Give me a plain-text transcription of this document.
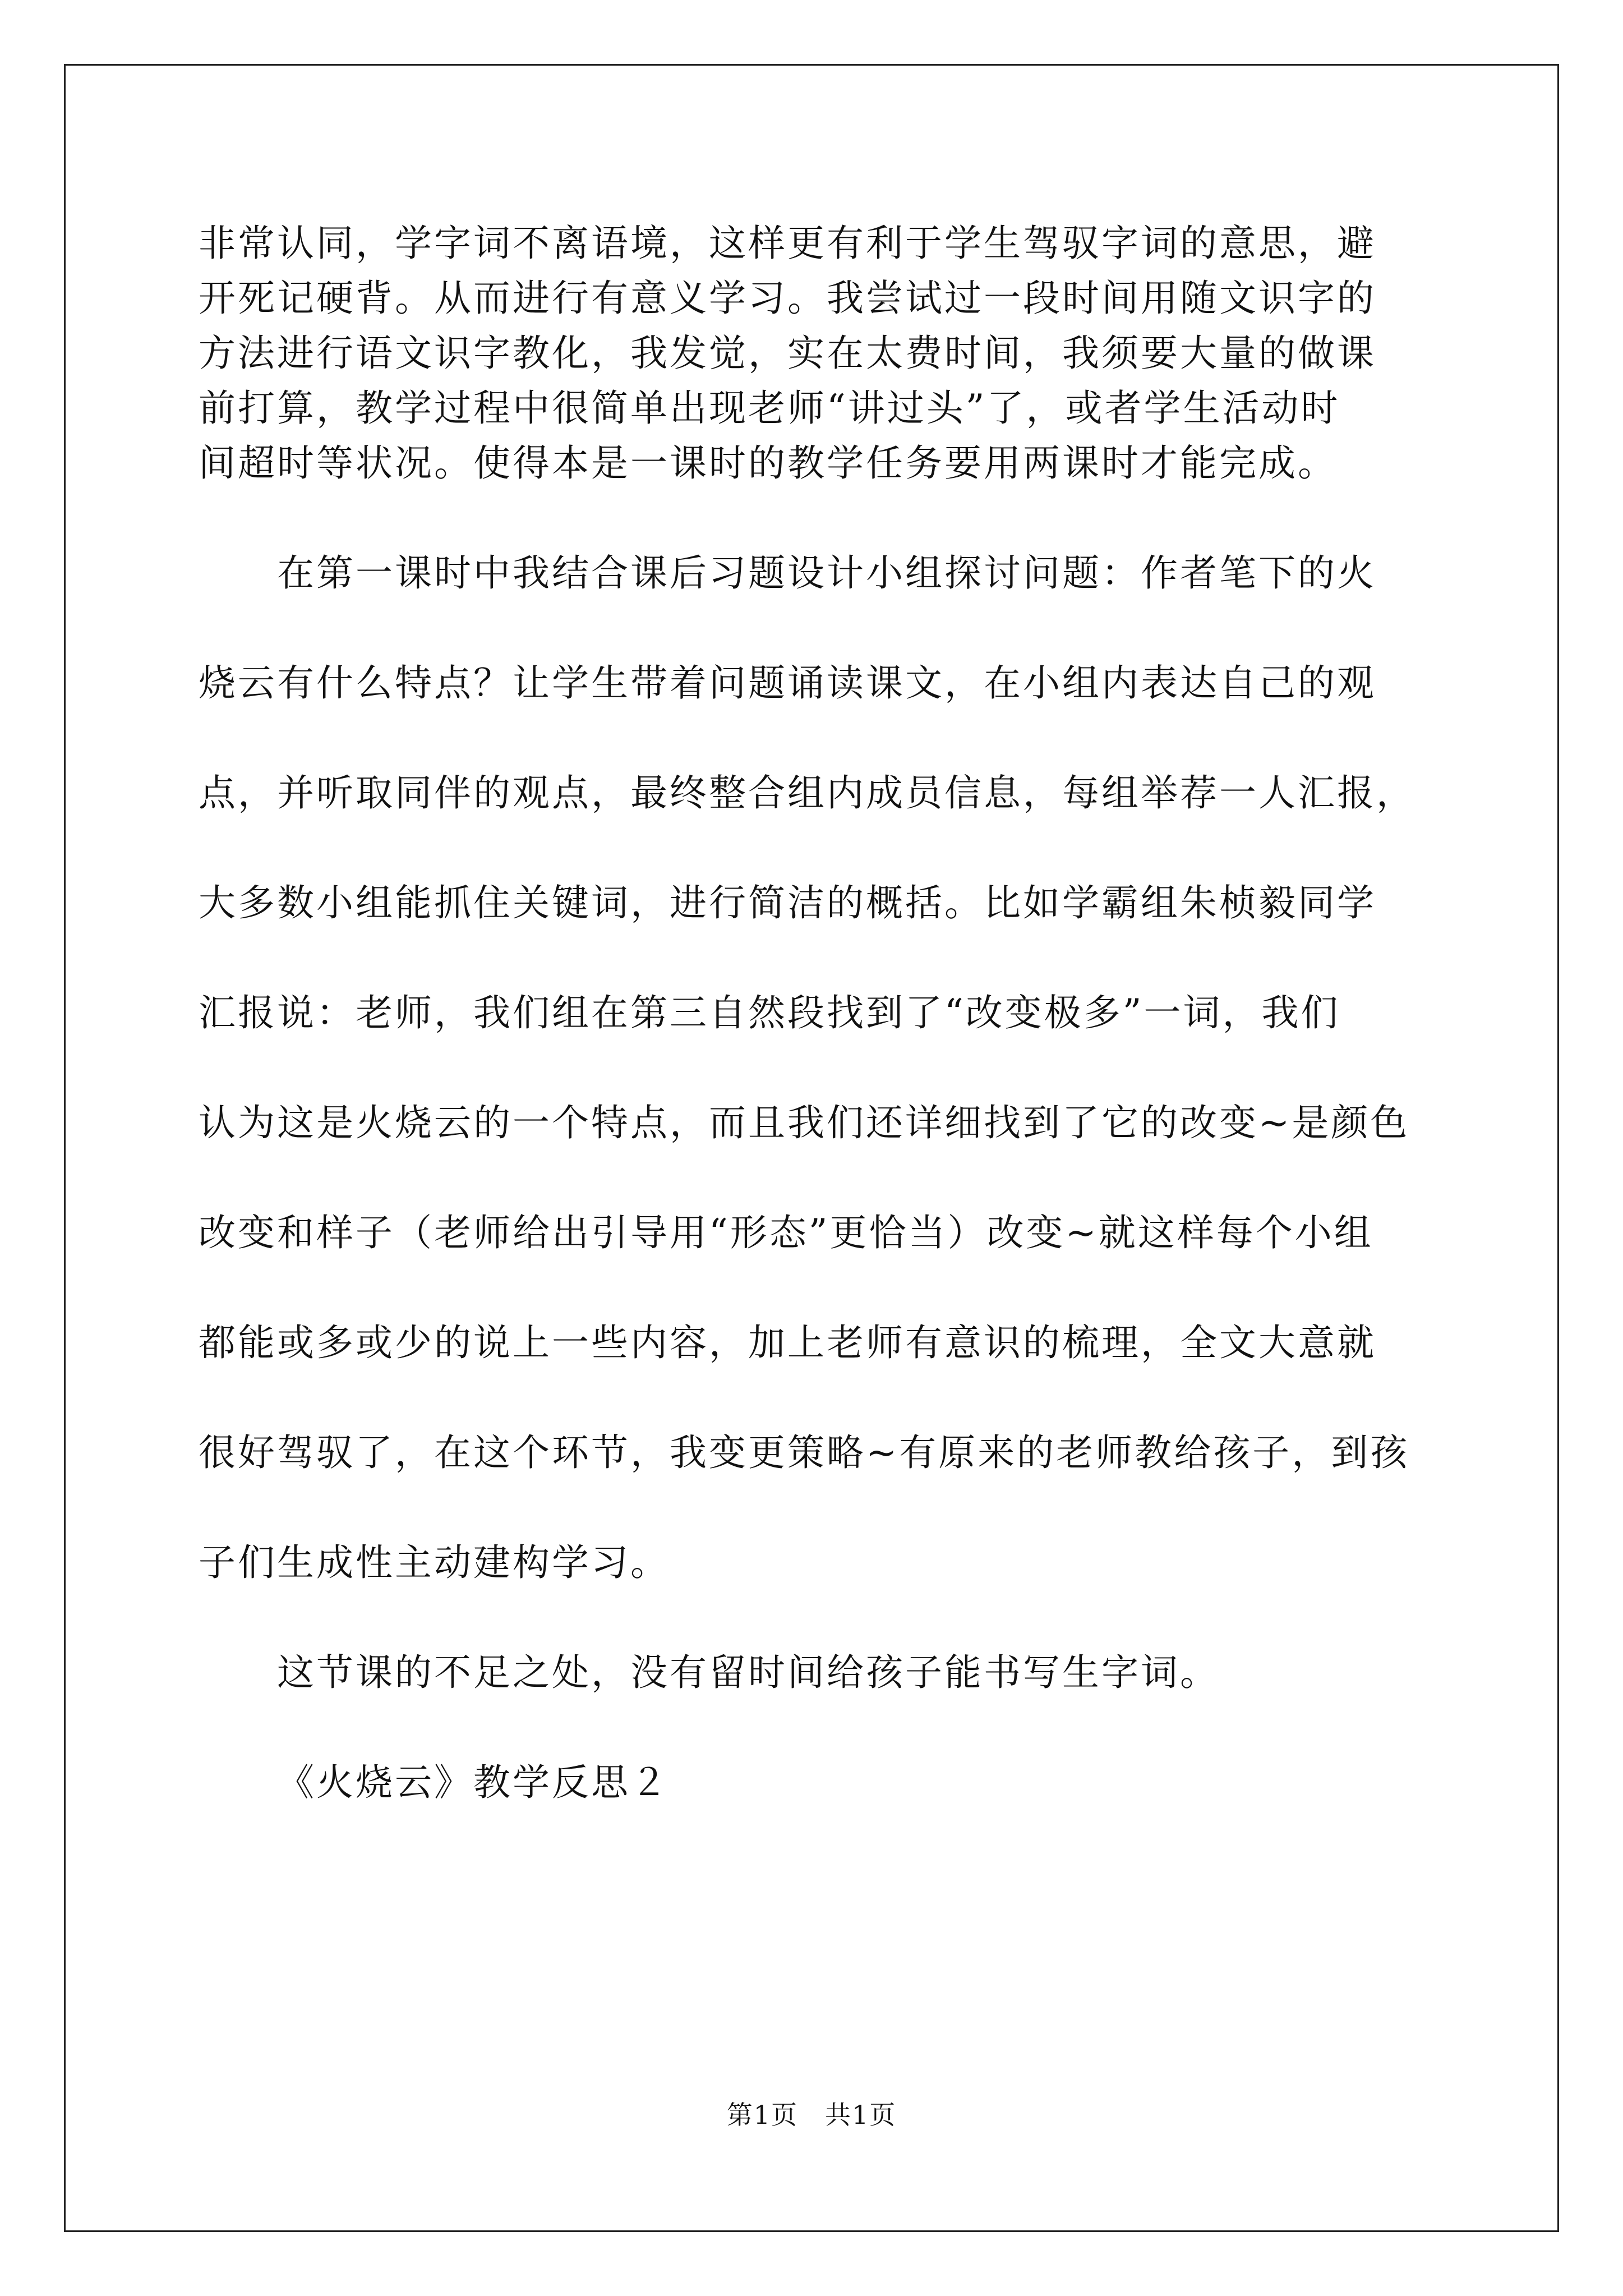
非常认同，学字词不离语境，这样更有利于学生驾驭字词的意思，避
开死记硬背。从而进行有意义学习。我尝试过一段时间用随文识字的
方法进行语文识字教化，我发觉，实在太费时间，我须要大量的做课
前打算，教学过程中很简单出现老师“讲过头”了，或者学生活动时
间超时等状况。使得本是一课时的教学任务要用两课时才能完成。
在第一课时中我结合课后习题设计小组探讨问题：作者笔下的火
烧云有什么特点？让学生带着问题诵读课文，在小组内表达自己的观
点，并听取同伴的观点，最终整合组内成员信息，每组举荐一人汇报，
大多数小组能抓住关键词，进行简洁的概括。比如学霸组朱桢毅同学
汇报说：老师，我们组在第三自然段找到了“改变极多”一词，我们
认为这是火烧云的一个特点，而且我们还详细找到了它的改变~是颜色
改变和样子（老师给出引导用“形态”更恰当）改变~就这样每个小组
都能或多或少的说上一些内容，加上老师有意识的梳理，全文大意就
很好驾驭了，在这个环节，我变更策略~有原来的老师教给孩子，到孩
子们生成性主动建构学习。
这节课的不足之处，没有留时间给孩子能书写生字词。
《火烧云》教学反思２
第1页　共1页
